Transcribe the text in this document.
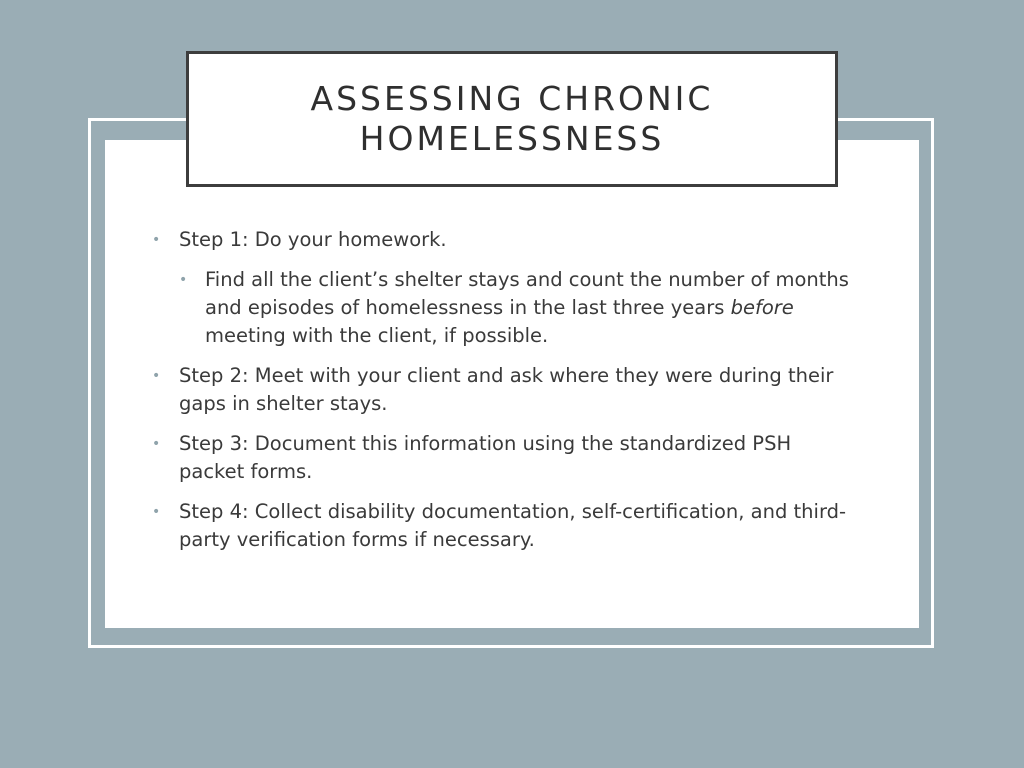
ASSESSING CHRONIC HOMELESSNESS
• Step 1: Do your homework.
• Find all the client’s shelter stays and count the number of months and episodes of homelessness in the last three years before meeting with the client, if possible.
• Step 2: Meet with your client and ask where they were during their gaps in shelter stays.
• Step 3: Document this information using the standardized PSH packet forms.
• Step 4: Collect disability documentation, self-certification, and third-party verification forms if necessary.
